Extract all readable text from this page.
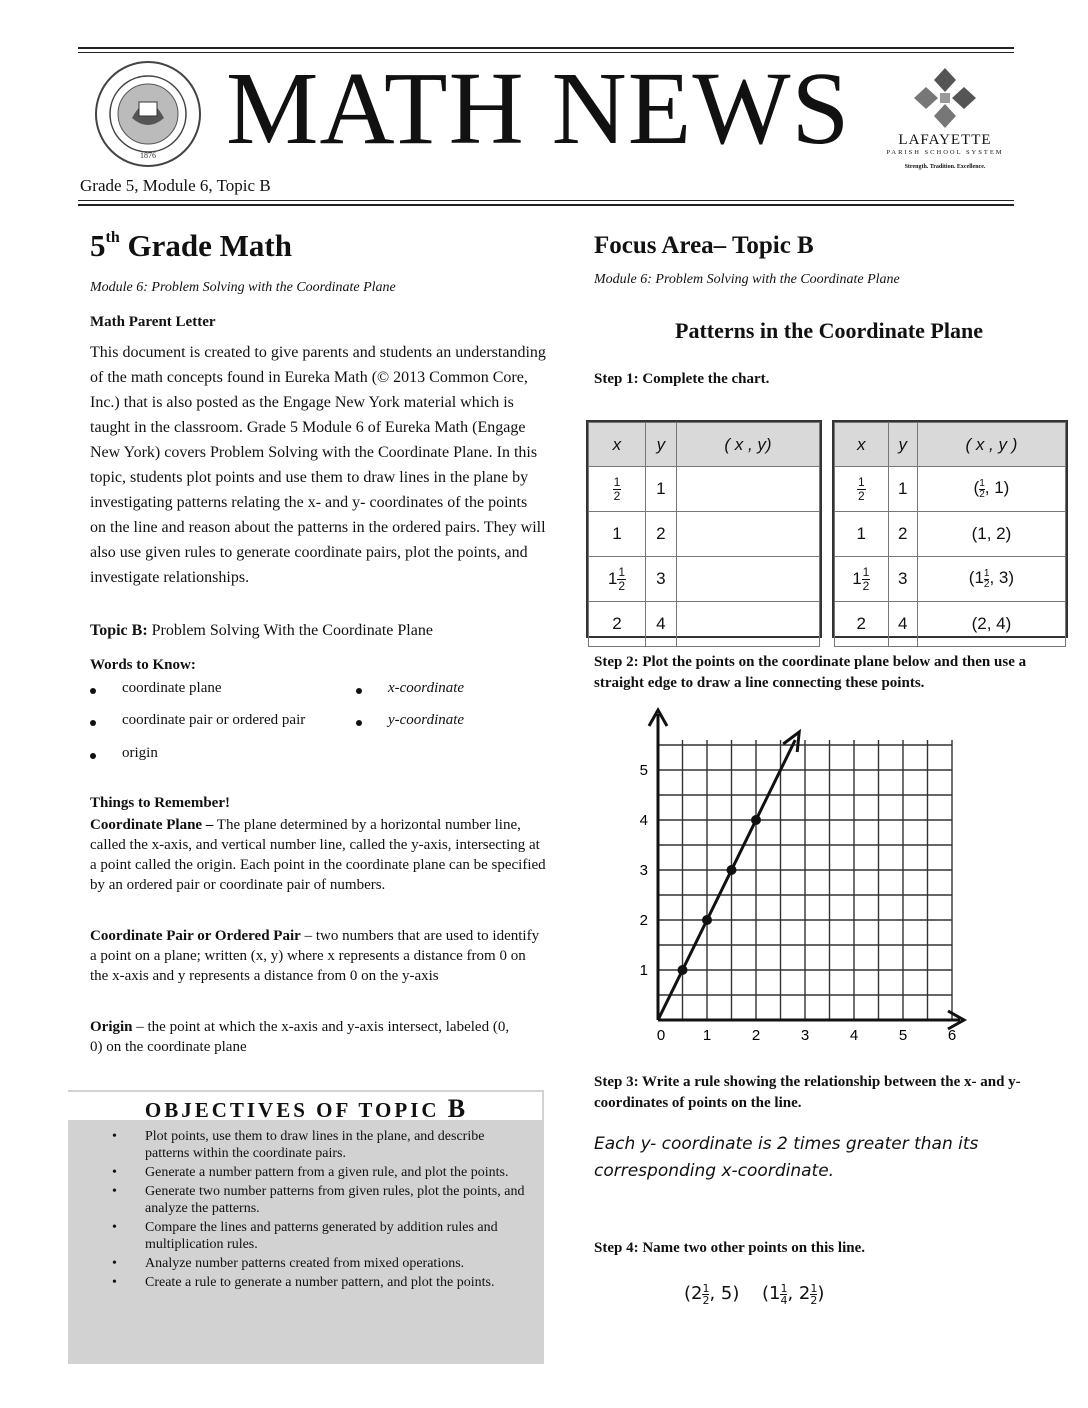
1876 MATH NEWS
Grade 5, Module 6, Topic B
LAFAYETTE
PARISH SCHOOL SYSTEM
Strength. Tradition. Excellence.
5th Grade Math
Module 6: Problem Solving with the Coordinate Plane
Math Parent Letter
This document is created to give parents and students an understanding of the math concepts found in Eureka Math (© 2013 Common Core, Inc.) that is also posted as the Engage New York material which is taught in the classroom. Grade 5 Module 6 of Eureka Math (Engage New York) covers Problem Solving with the Coordinate Plane. In this topic, students plot points and use them to draw lines in the plane by investigating patterns relating the x- and y- coordinates of the points on the line and reason about the patterns in the ordered pairs. They will also use given rules to generate coordinate pairs, plot the points, and investigate relationships.
Topic B: Problem Solving With the Coordinate Plane
Words to Know:
coordinate plane	x-coordinate
coordinate pair or ordered pair	y-coordinate
origin
Things to Remember!
Coordinate Plane – The plane determined by a horizontal number line, called the x-axis, and vertical number line, called the y-axis, intersecting at a point called the origin. Each point in the coordinate plane can be specified by an ordered pair or coordinate pair of numbers.
Coordinate Pair or Ordered Pair – two numbers that are used to identify a point on a plane; written (x, y) where x represents a distance from 0 on the x-axis and y represents a distance from 0 on the y-axis
Origin – the point at which the x-axis and y-axis intersect, labeled (0, 0) on the coordinate plane
OBJECTIVES OF TOPIC B
• Plot points, use them to draw lines in the plane, and describe patterns within the coordinate pairs.
• Generate a number pattern from a given rule, and plot the points.
• Generate two number patterns from given rules, plot the points, and analyze the patterns.
• Compare the lines and patterns generated by addition rules and multiplication rules.
• Analyze number patterns created from mixed operations.
• Create a rule to generate a number pattern, and plot the points.
Focus Area– Topic B
Module 6: Problem Solving with the Coordinate Plane
Patterns in the Coordinate Plane
Step 1: Complete the chart.
x	y	( x , y)

$\frac{1}{2}$	1	
1	2	
$1 \frac{1}{2}$	3	
2	4	
x	y	( x , y )

$\frac{1}{2}$	1	( $\frac{1}{2}$ , 1)
1	2	(1, 2)
$1 \frac{1}{2}$	3	($1 \frac{1}{2}$ , 3)
2	4	(2, 4)
Step 2: Plot the points on the coordinate plane below and then use a straight edge to draw a line connecting these points.
0	1	2	3	4	5	6
1
2
3
4
5
Step 3: Write a rule showing the relationship between the x- and y- coordinates of points on the line.
Each y- coordinate is 2 times greater than its
corresponding x-coordinate.
Step 4: Name two other points on this line.
($2 \frac{1}{2}$ , 5) ($1 \frac{1}{4}$ , $2 \frac{1}{2}$ )
